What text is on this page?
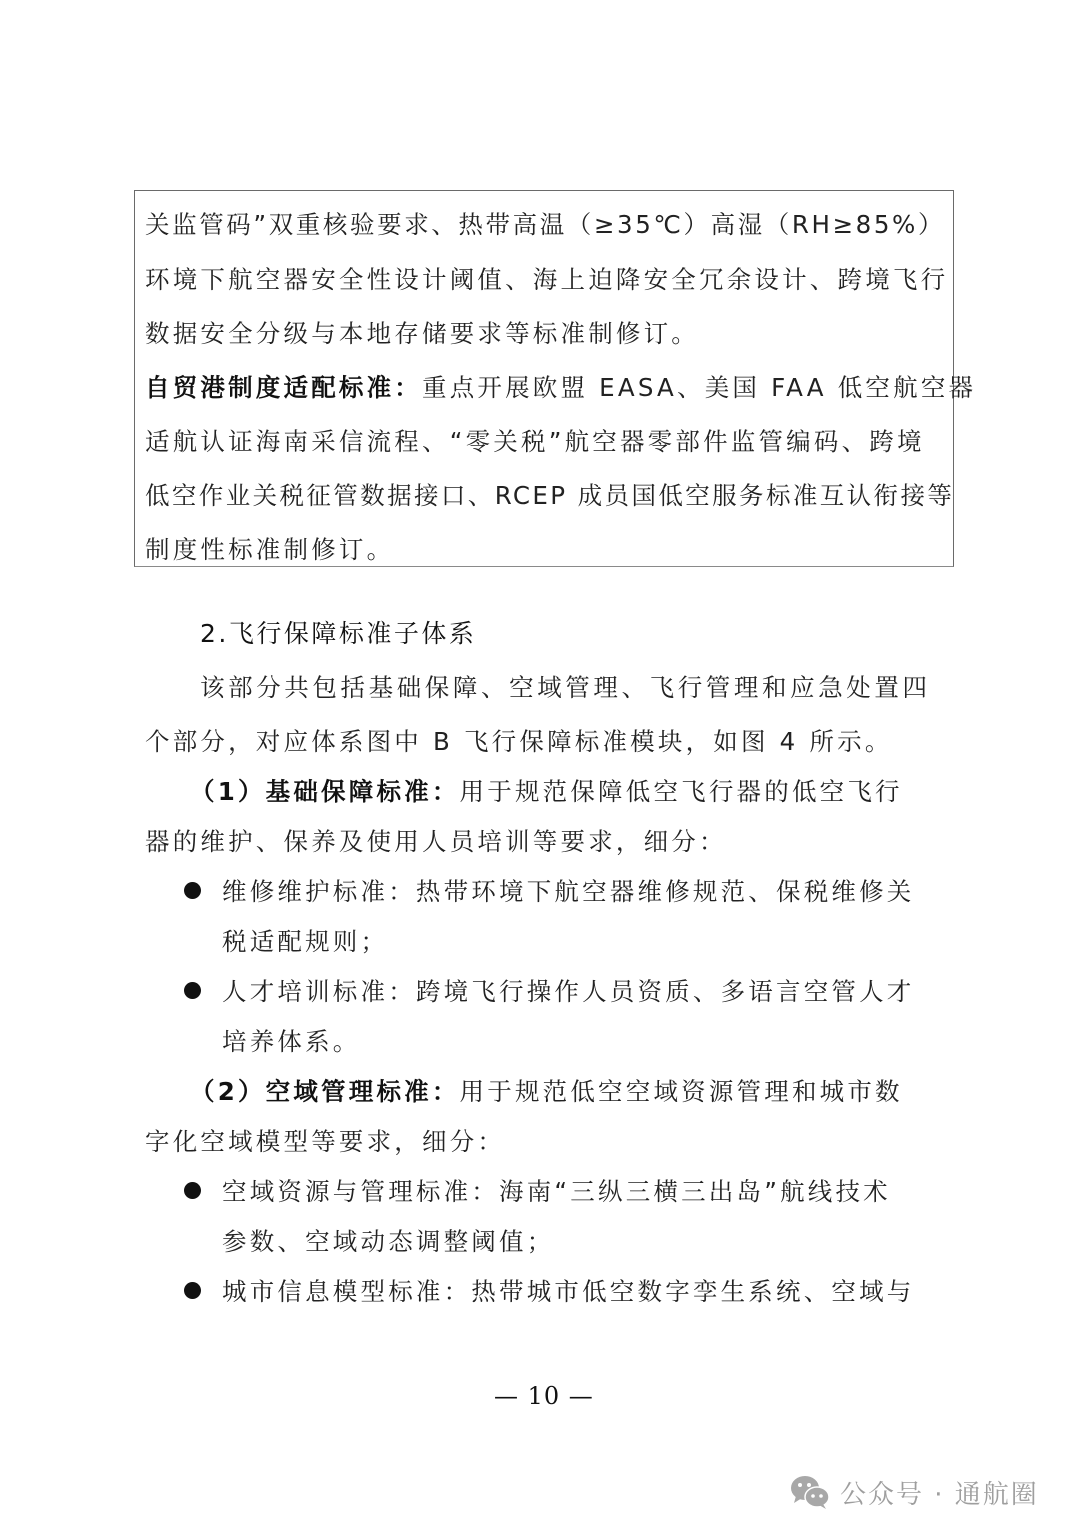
关监管码”双重核验要求、热带高温（≥35℃）高湿（RH≥85%）
环境下航空器安全性设计阈值、海上迫降安全冗余设计、跨境飞行
数据安全分级与本地存储要求等标准制修订。
自贸港制度适配标准：重点开展欧盟 EASA、美国 FAA 低空航空器
适航认证海南采信流程、“零关税”航空器零部件监管编码、跨境
低空作业关税征管数据接口、RCEP 成员国低空服务标准互认衔接等
制度性标准制修订。
2.飞行保障标准子体系
该部分共包括基础保障、空域管理、飞行管理和应急处置四
个部分，对应体系图中 B 飞行保障标准模块，如图 4 所示。
（1）基础保障标准：用于规范保障低空飞行器的低空飞行
器的维护、保养及使用人员培训等要求，细分：
维修维护标准：热带环境下航空器维修规范、保税维修关
税适配规则；
人才培训标准：跨境飞行操作人员资质、多语言空管人才
培养体系。
（2）空域管理标准：用于规范低空空域资源管理和城市数
字化空域模型等要求，细分：
空域资源与管理标准：海南“三纵三横三出岛”航线技术
参数、空域动态调整阈值；
城市信息模型标准：热带城市低空数字孪生系统、空域与
— 10 —
公众号 · 通航圈
